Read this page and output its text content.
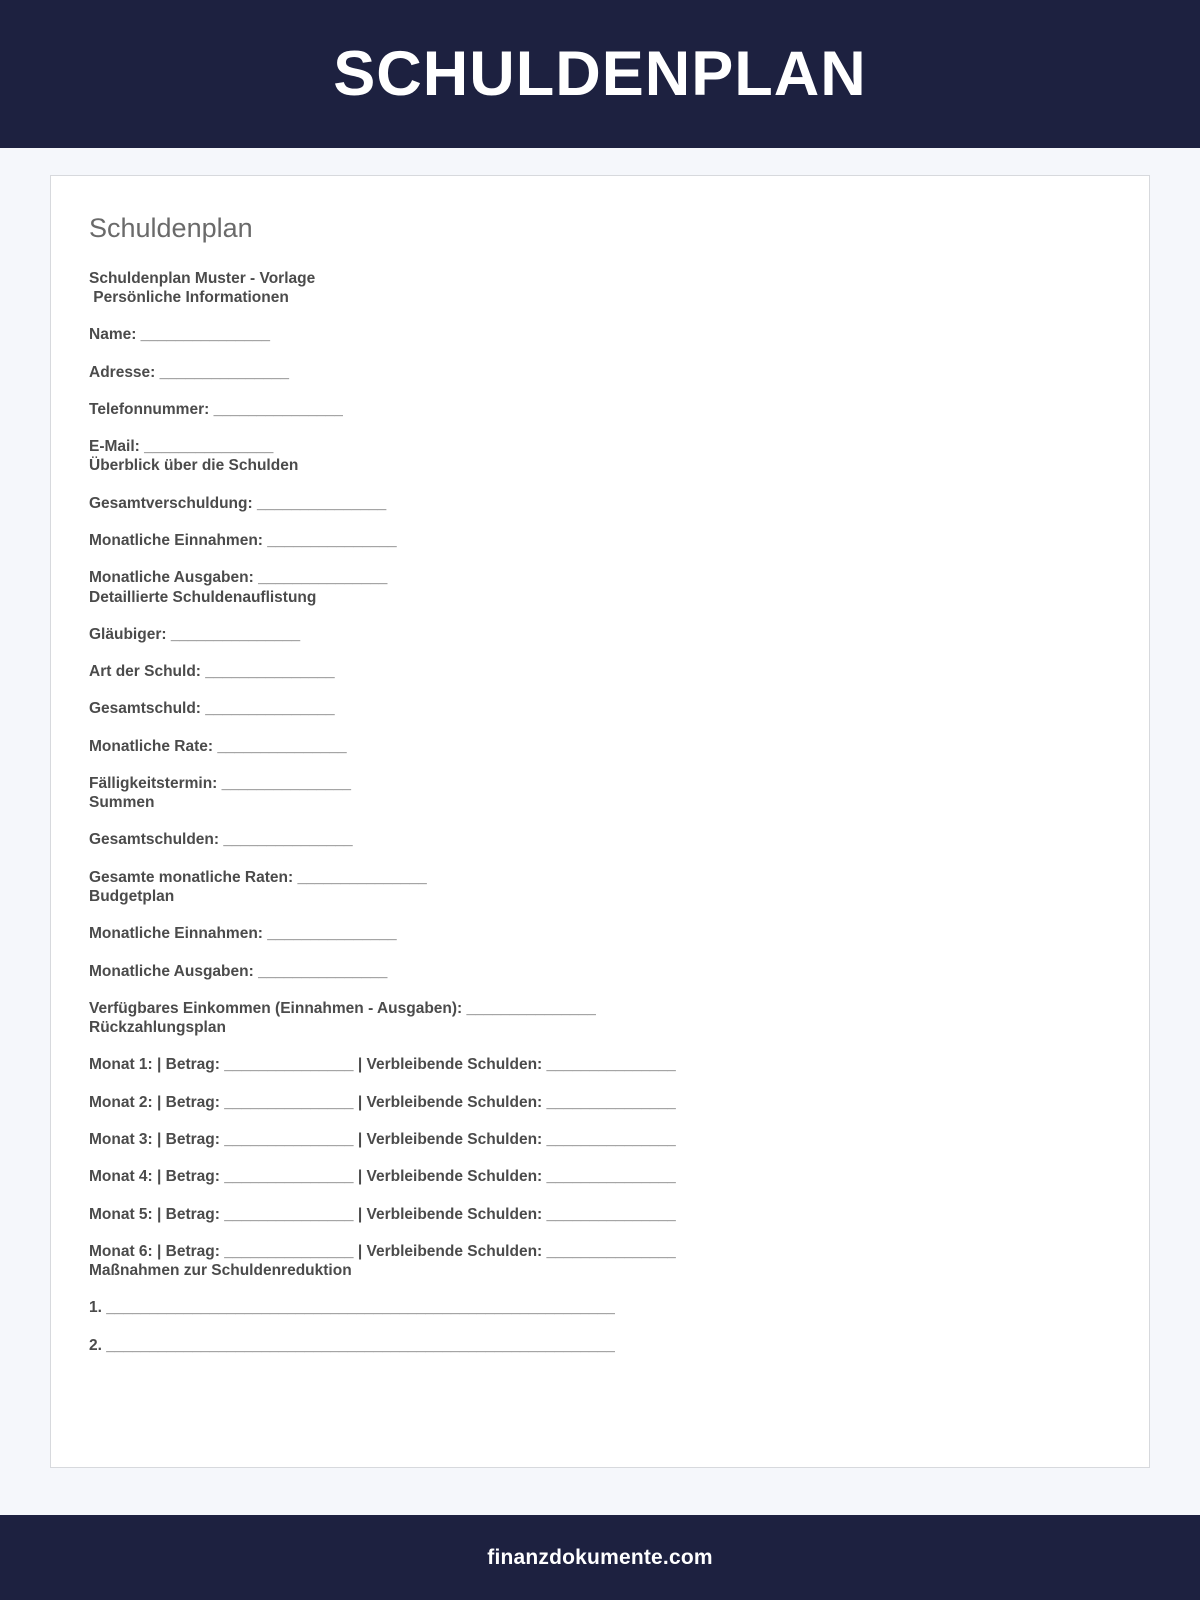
SCHULDENPLAN
Schuldenplan
Schuldenplan Muster - Vorlage
Persönliche Informationen
Name: _______________
Adresse: _______________
Telefonnummer: _______________
E-Mail: _______________
Überblick über die Schulden
Gesamtverschuldung: _______________
Monatliche Einnahmen: _______________
Monatliche Ausgaben: _______________
Detaillierte Schuldenauflistung
Gläubiger: _______________
Art der Schuld: _______________
Gesamtschuld: _______________
Monatliche Rate: _______________
Fälligkeitstermin: _______________
Summen
Gesamtschulden: _______________
Gesamte monatliche Raten: _______________
Budgetplan
Monatliche Einnahmen: _______________
Monatliche Ausgaben: _______________
Verfügbares Einkommen (Einnahmen - Ausgaben): _______________
Rückzahlungsplan
Monat 1: | Betrag: _______________ | Verbleibende Schulden: _______________
Monat 2: | Betrag: _______________ | Verbleibende Schulden: _______________
Monat 3: | Betrag: _______________ | Verbleibende Schulden: _______________
Monat 4: | Betrag: _______________ | Verbleibende Schulden: _______________
Monat 5: | Betrag: _______________ | Verbleibende Schulden: _______________
Monat 6: | Betrag: _______________ | Verbleibende Schulden: _______________
Maßnahmen zur Schuldenreduktion
1. ___________________________________________________________
2. ___________________________________________________________
finanzdokumente.com
